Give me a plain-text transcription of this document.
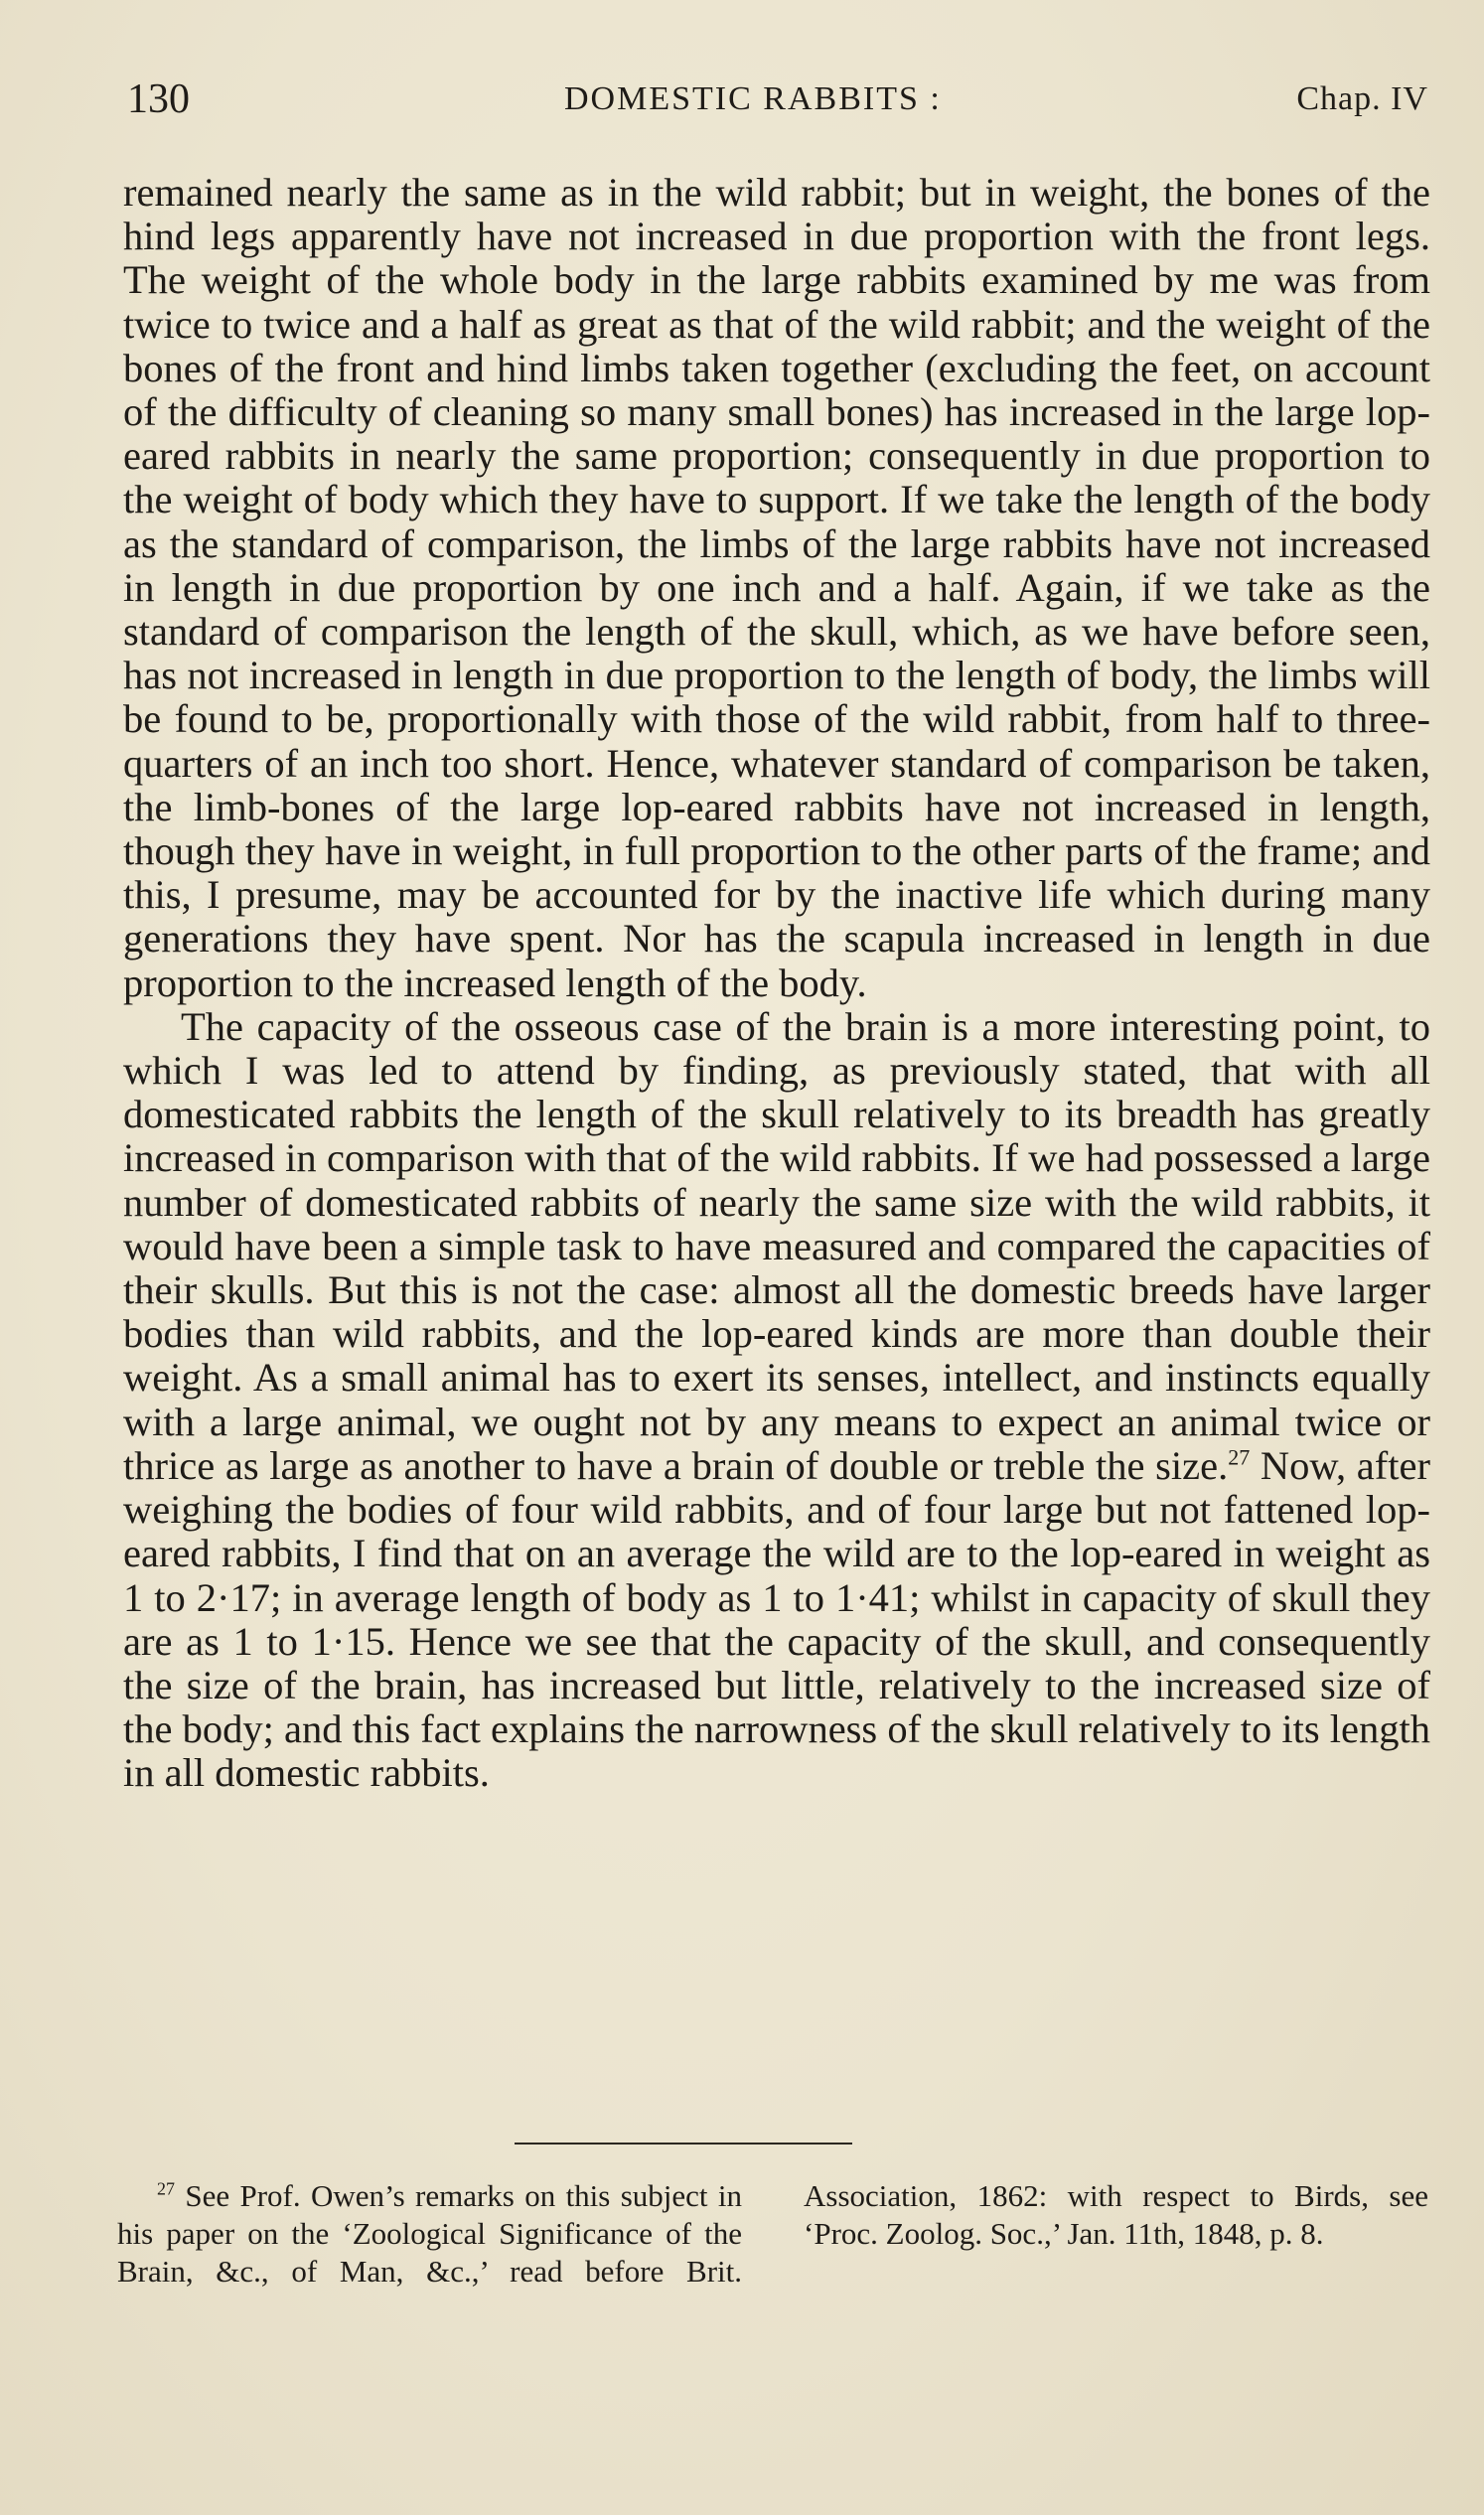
130	DOMESTIC RABBITS :	Chap. IV

remained nearly the same as in the wild rabbit; but in weight, the bones of the hind legs apparently have not increased in due proportion with the front legs. The weight of the whole body in the large rabbits examined by me was from twice to twice and a half as great as that of the wild rabbit; and the weight of the bones of the front and hind limbs taken together (excluding the feet, on account of the difficulty of cleaning so many small bones) has increased in the large lop-eared rabbits in nearly the same proportion; consequently in due proportion to the weight of body which they have to support. If we take the length of the body as the standard of comparison, the limbs of the large rabbits have not increased in length in due proportion by one inch and a half. Again, if we take as the standard of comparison the length of the skull, which, as we have before seen, has not increased in length in due proportion to the length of body, the limbs will be found to be, proportionally with those of the wild rabbit, from half to three-quarters of an inch too short. Hence, whatever standard of comparison be taken, the limb-bones of the large lop-eared rabbits have not increased in length, though they have in weight, in full proportion to the other parts of the frame; and this, I presume, may be accounted for by the inactive life which during many generations they have spent. Nor has the scapula increased in length in due proportion to the increased length of the body.

The capacity of the osseous case of the brain is a more interesting point, to which I was led to attend by finding, as previously stated, that with all domesticated rabbits the length of the skull relatively to its breadth has greatly increased in comparison with that of the wild rabbits. If we had possessed a large number of domesticated rabbits of nearly the same size with the wild rabbits, it would have been a simple task to have measured and compared the capacities of their skulls. But this is not the case: almost all the domestic breeds have larger bodies than wild rabbits, and the lop-eared kinds are more than double their weight. As a small animal has to exert its senses, intellect, and instincts equally with a large animal, we ought not by any means to expect an animal twice or thrice as large as another to have a brain of double or treble the size.$^{27}$ Now, after weighing the bodies of four wild rabbits, and of four large but not fattened lop-eared rabbits, I find that on an average the wild are to the lop-eared in weight as 1 to 2·17; in average length of body as 1 to 1·41; whilst in capacity of skull they are as 1 to 1·15. Hence we see that the capacity of the skull, and consequently the size of the brain, has increased but little, relatively to the increased size of the body; and this fact explains the narrowness of the skull relatively to its length in all domestic rabbits.

$^{27}$ See Prof. Owen’s remarks on this subject in his paper on the ‘Zoological Significance of the Brain, &c., of Man, &c.,’ read before Brit. Association, 1862: with respect to Birds, see ‘Proc. Zoolog. Soc.,’ Jan. 11th, 1848, p. 8.
